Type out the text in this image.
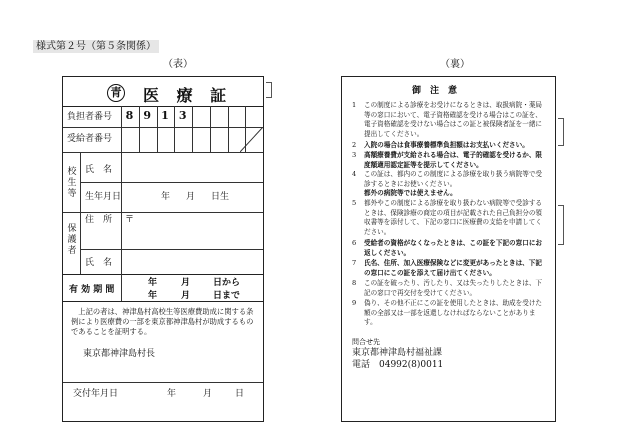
様式第２号（第５条関係）
（表）	（裏）
青 医 療 証
負担者番号	8 9 1 3
受給者番号
校生等
氏　名
生年月日	年 月 日生
保護者
住　所 〒
氏　名
有 効 期 間
年	月	日から
年	月	日まで
上記の者は、神津島村高校生等医療費助成に関する条例により医療費の一部を東京都神津島村が助成するものであることを証明する。
東京都神津島村長
交付年月日	年	月	日
御　注　意
1 この制度による診療をお受けになるときは、取扱病院・薬局等の窓口において、電子資格確認を受ける場合はこの証を、電子資格確認を受けない場合はこの証と被保険者証を一緒に提出してください。
2 入院の場合は食事療養標準負担額はお支払いください。
3 高額療養費が支給される場合は、電子的確認を受けるか、限度額適用認定証等を提示してください。
4 この証は、都内のこの制度による診療を取り扱う病院等で受診するときにお使いください。
都外の病院等では使えません。
5 都外やこの制度による診療を取り扱わない病院等で受診するときは、保険診療の商定の項目が記載された自己負担分の領収書等を添付して、下記の窓口に医療費の支給を申請してください。
6 受給者の資格がなくなったときは、この証を下記の窓口にお返しください。
7 氏名、住所、加入医療保険などに変更があったときは、下記の窓口にこの証を添えて届け出てください。
8 この証を破ったり、汚したり、又は失ったりしたときは、下記の窓口で再交付を受けてください。
9 偽り、その他不正にこの証を使用したときは、助成を受けた額の全部又は一部を返還しなければならないことがあります。
問合せ先
東京都神津島村福祉課
電話　04992(8)0011
